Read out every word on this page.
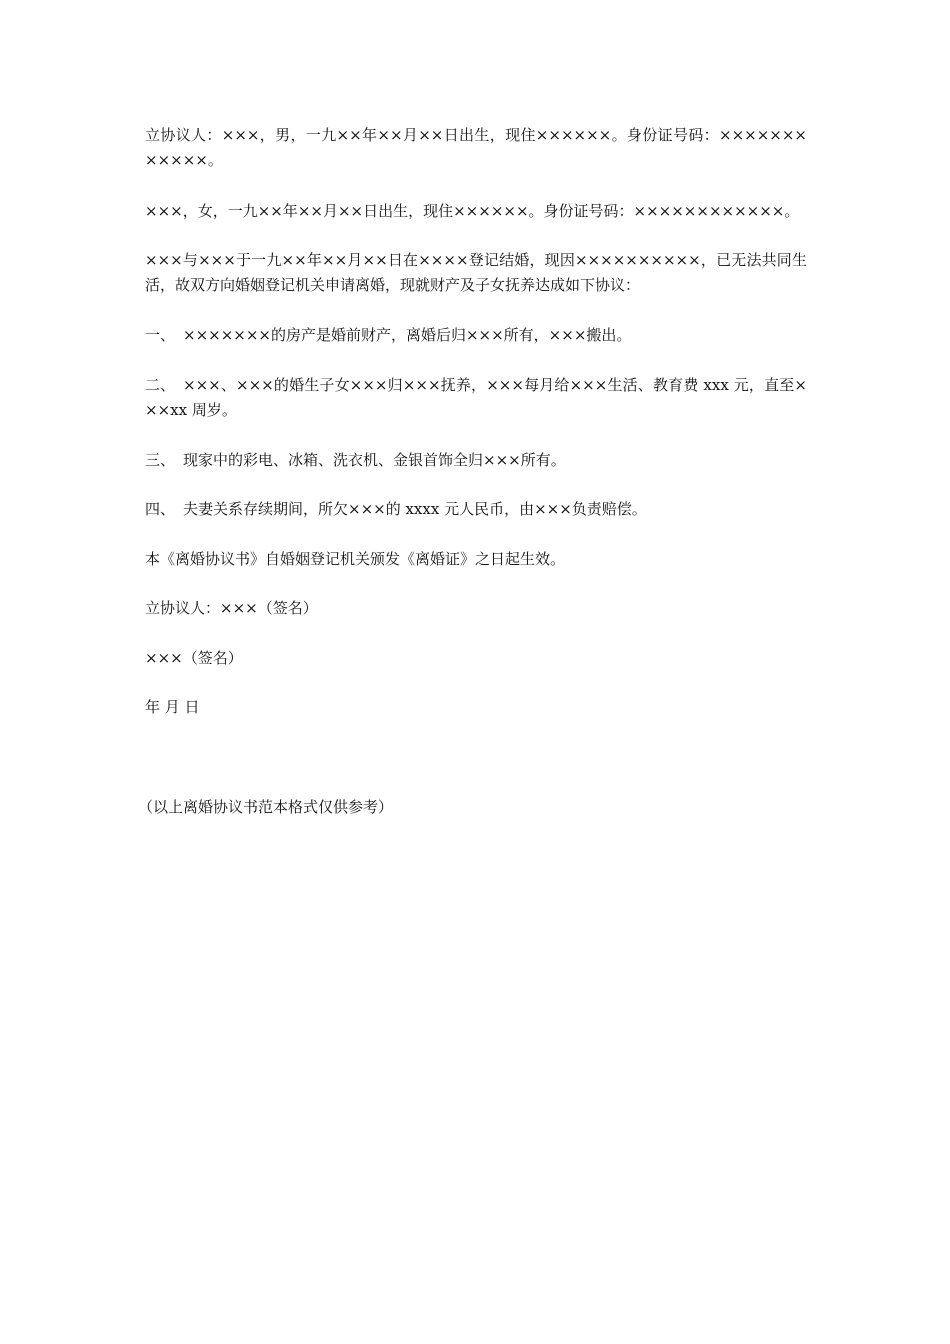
立协议人：×××，男，一九××年××月××日出生，现住××××××。身份证号码：××××××××××××。

×××，女，一九××年××月××日出生，现住××××××。身份证号码：××××××××××××。

×××与×××于一九××年××月××日在××××登记结婚，现因××××××××××，已无法共同生活，故双方向婚姻登记机关申请离婚，现就财产及子女抚养达成如下协议：

一、 ×××××××的房产是婚前财产，离婚后归×××所有，×××搬出。

二、 ×××、×××的婚生子女×××归×××抚养，×××每月给×××生活、教育费 xxx 元，直至×××xx 周岁。

三、 现家中的彩电、冰箱、洗衣机、金银首饰全归×××所有。

四、 夫妻关系存续期间，所欠×××的 xxxx 元人民币，由×××负责赔偿。

本《离婚协议书》自婚姻登记机关颁发《离婚证》之日起生效。

立协议人：×××（签名）

×××（签名）

年 月 日

（以上离婚协议书范本格式仅供参考）
